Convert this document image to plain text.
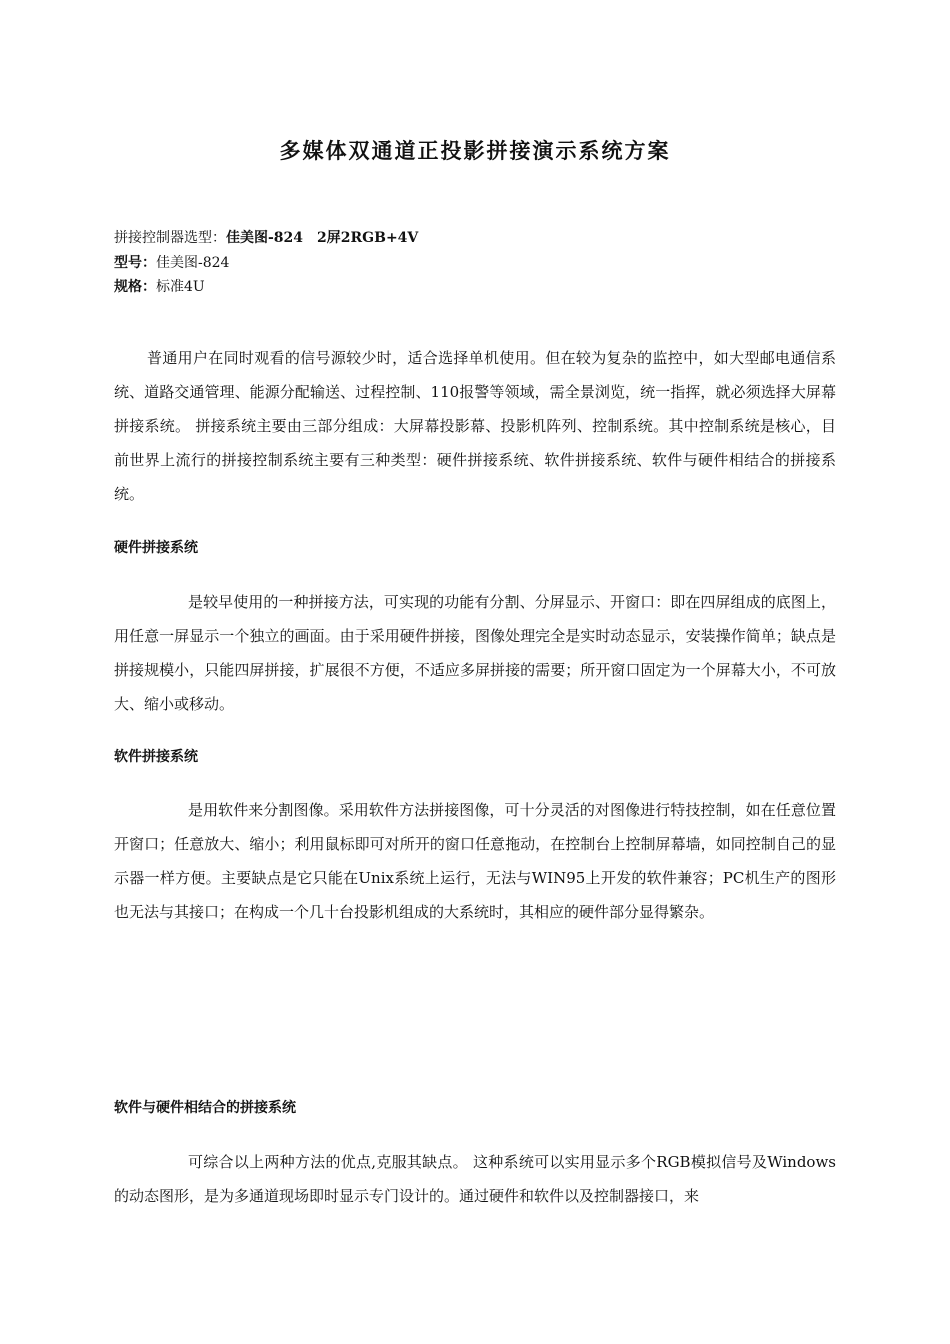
多媒体双通道正投影拼接演示系统方案
拼接控制器选型：佳美图-824　2屏2RGB+4V
型号：佳美图-824
规格：标准4U

普通用户在同时观看的信号源较少时，适合选择单机使用。但在较为复杂的监控中，如大型邮电通信系统、道路交通管理、能源分配输送、过程控制、110报警等领域，需全景浏览，统一指挥，就必须选择大屏幕拼接系统。 拼接系统主要由三部分组成：大屏幕投影幕、投影机阵列、控制系统。其中控制系统是核心，目前世界上流行的拼接控制系统主要有三种类型：硬件拼接系统、软件拼接系统、软件与硬件相结合的拼接系统。

硬件拼接系统

是较早使用的一种拼接方法，可实现的功能有分割、分屏显示、开窗口：即在四屏组成的底图上，用任意一屏显示一个独立的画面。由于采用硬件拼接，图像处理完全是实时动态显示，安装操作简单；缺点是拼接规模小，只能四屏拼接，扩展很不方便，不适应多屏拼接的需要；所开窗口固定为一个屏幕大小，不可放大、缩小或移动。

软件拼接系统

是用软件来分割图像。采用软件方法拼接图像，可十分灵活的对图像进行特技控制，如在任意位置开窗口；任意放大、缩小；利用鼠标即可对所开的窗口任意拖动，在控制台上控制屏幕墙，如同控制自己的显示器一样方便。主要缺点是它只能在Unix系统上运行，无法与WIN95上开发的软件兼容；PC机生产的图形也无法与其接口；在构成一个几十台投影机组成的大系统时，其相应的硬件部分显得繁杂。

软件与硬件相结合的拼接系统

可综合以上两种方法的优点,克服其缺点。 这种系统可以实用显示多个RGB模拟信号及Windows的动态图形，是为多通道现场即时显示专门设计的。通过硬件和软件以及控制器接口，来
